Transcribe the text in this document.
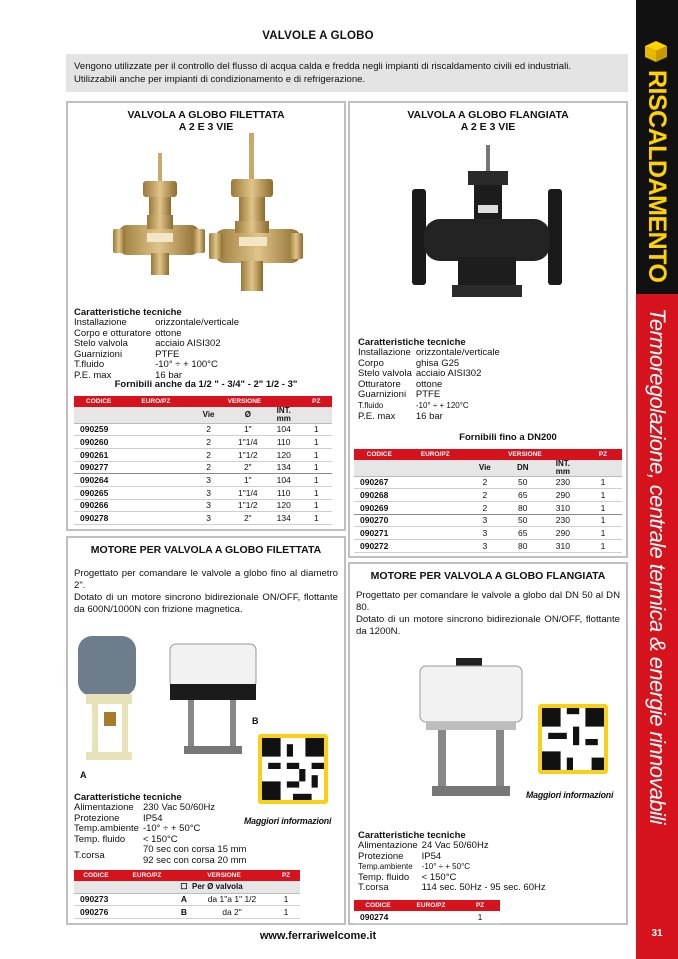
VALVOLE A GLOBO
Vengono utilizzate per il controllo del flusso di acqua calda e fredda negli impianti di riscaldamento civili ed industriali.
Utilizzabili anche per impianti di condizionamento e di refrigerazione.	RISCALDAMENTO
Termoregolazione, centrale termica & energie rinnovabili
31
www.ferrariwelcome.it
VALVOLA A GLOBO FILETTATA
A 2 E 3 VIE
Caratteristiche tecniche
Installazione	orizzontale/verticale
Corpo e otturatore	ottone
Stelo valvola	acciaio AISI302
Guarnizioni	PTFE
T.fluido	-10° ÷ + 100°C
P.E. max	16 bar
Fornibili anche da 1/2 " - 3/4" - 2" 1/2 - 3"
CODICE	EURO/PZ	VERSIONE			PZ
		Vie	Ø	INT.
mm	

090259		2	1"	104	1
090260		2	1"1/4	110	1
090261		2	1"1/2	120	1
090277		2	2"	134	1
090264		3	1"	104	1
090265		3	1"1/4	110	1
090266		3	1"1/2	120	1
090278		3	2"	134	1
VALVOLA A GLOBO FLANGIATA
A 2 E 3 VIE
Caratteristiche tecniche
Installazione	orizzontale/verticale
Corpo	ghisa G25
Stelo valvola	acciaio AISI302
Otturatore	ottone
Guarnizioni	PTFE
T.fluido	-10° ÷ + 120°C
P.E. max	16 bar
Fornibili fino a DN200
CODICE	EURO/PZ	VERSIONE			PZ
		Vie	DN	INT.
mm	

090267		2	50	230	1
090268		2	65	290	1
090269		2	80	310	1
090270		3	50	230	1
090271		3	65	290	1
090272		3	80	310	1
MOTORE PER VALVOLA A GLOBO FILETTATA
Progettato per comandare le valvole a globo fino al diametro 2".
Dotato di un motore sincrono bidirezionale ON/OFF, flottante da 600N/1000N con frizione magnetica.
A
B
Maggiori informazioni
Caratteristiche tecniche
Alimentazione	230 Vac 50/60Hz
Protezione	IP54
Temp.ambiente	-10° ÷ + 50°C
Temp. fluido	< 150°C
T.corsa	70 sec con corsa 15 mm
92 sec con corsa 20 mm
CODICE	EURO/PZ	VERSIONE		PZ
		☐	Per Ø valvola	
090273		A	da 1"a 1" 1/2	1
090276		B	da 2"	1
MOTORE PER VALVOLA A GLOBO FLANGIATA
Progettato per comandare le valvole a globo dal DN 50 al DN 80.
Dotato di un motore sincrono bidirezionale ON/OFF, flottante da 1200N.
Maggiori informazioni
Caratteristiche tecniche
Alimentazione	24 Vac 50/60Hz
Protezione	IP54
Temp.ambiente	-10° ÷ + 50°C
Temp. fluido	< 150°C
T.corsa	114 sec. 50Hz - 95 sec. 60Hz
CODICE	EURO/PZ	PZ
090274		1
